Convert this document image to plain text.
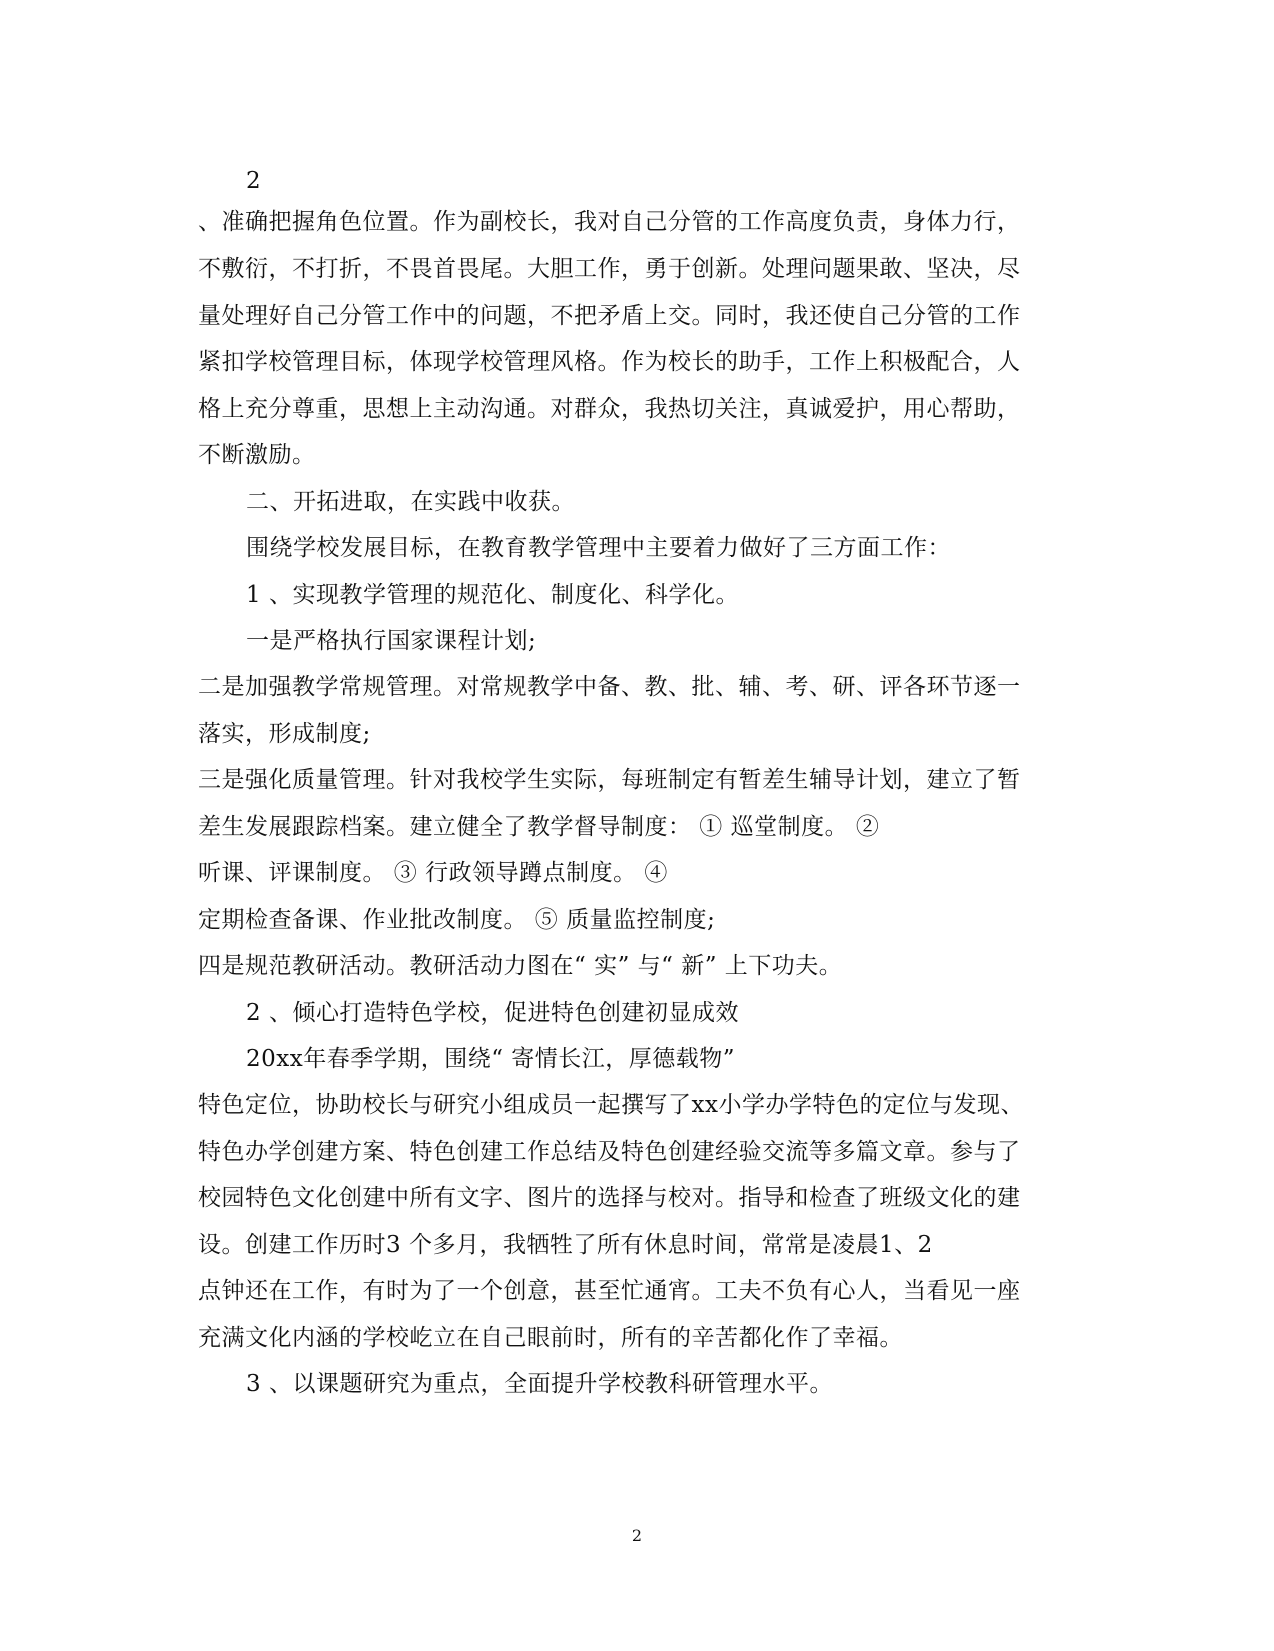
2
、准确把握角色位置。作为副校长，我对自己分管的工作高度负责，身体力行，
不敷衍，不打折，不畏首畏尾。大胆工作，勇于创新。处理问题果敢、坚决，尽
量处理好自己分管工作中的问题，不把矛盾上交。同时，我还使自己分管的工作
紧扣学校管理目标，体现学校管理风格。作为校长的助手，工作上积极配合，人
格上充分尊重，思想上主动沟通。对群众，我热切关注，真诚爱护，用心帮助，
不断激励。
二、开拓进取，在实践中收获。
围绕学校发展目标，在教育教学管理中主要着力做好了三方面工作：
1 、实现教学管理的规范化、制度化、科学化。
一是严格执行国家课程计划;
二是加强教学常规管理。对常规教学中备、教、批、辅、考、研、评各环节逐一
落实，形成制度;
三是强化质量管理。针对我校学生实际，每班制定有暂差生辅导计划，建立了暂
差生发展跟踪档案。建立健全了教学督导制度： ① 巡堂制度。 ②
听课、评课制度。 ③ 行政领导蹲点制度。 ④
定期检查备课、作业批改制度。 ⑤ 质量监控制度;
四是规范教研活动。教研活动力图在“ 实” 与“ 新” 上下功夫。
2 、倾心打造特色学校，促进特色创建初显成效
20xx年春季学期，围绕“ 寄情长江，厚德载物”
特色定位，协助校长与研究小组成员一起撰写了xx小学办学特色的定位与发现、
特色办学创建方案、特色创建工作总结及特色创建经验交流等多篇文章。参与了
校园特色文化创建中所有文字、图片的选择与校对。指导和检查了班级文化的建
设。创建工作历时3 个多月，我牺牲了所有休息时间，常常是凌晨1、2
点钟还在工作，有时为了一个创意，甚至忙通宵。工夫不负有心人，当看见一座
充满文化内涵的学校屹立在自己眼前时，所有的辛苦都化作了幸福。
3 、以课题研究为重点，全面提升学校教科研管理水平。
2
